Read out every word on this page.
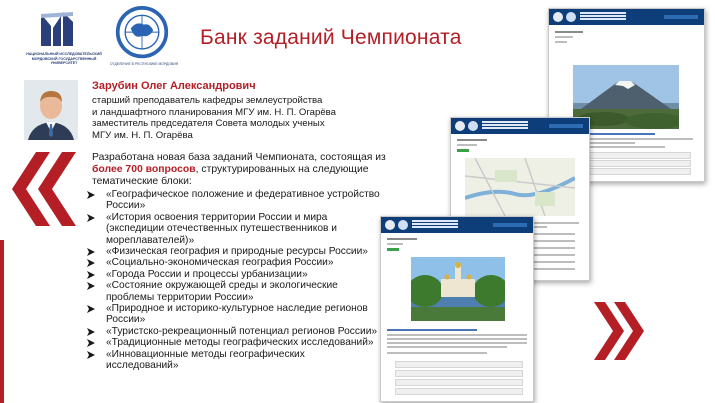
НАЦИОНАЛЬНЫЙ ИССЛЕДОВАТЕЛЬСКИЙ МОРДОВСКИЙ ГОСУДАРСТВЕННЫЙ УНИВЕРСИТЕТ	ОТДЕЛЕНИЕ В РЕСПУБЛИКЕ МОРДОВИЯ
Банк заданий Чемпионата
Зарубин Олег Александрович
старший преподаватель кафедры землеустройства
и ландшафтного планирования МГУ им. Н. П. Огарёва
заместитель председателя Совета молодых ученых
МГУ им. Н. П. Огарёва
Разработана новая база заданий Чемпионата, состоящая из более 700 вопросов, структурированных на следующие тематические блоки:
«Географическое положение и федеративное устройство России»
«История освоения территории России и мира (экспедиции отечественных путешественников и мореплавателей)»
«Физическая география и природные ресурсы России»
«Социально-экономическая география России»
«Города России и процессы урбанизации»
«Состояние окружающей среды и экологические проблемы территории России»
«Природное и историко-культурное наследие регионов России»
«Туристско-рекреационный потенциал регионов России»
«Традиционные методы географических исследований»
«Инновационные методы географических исследований»
